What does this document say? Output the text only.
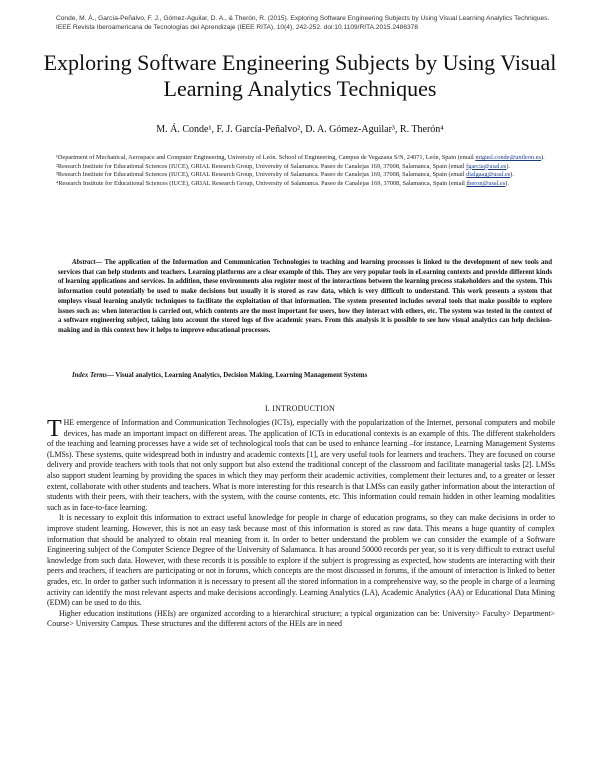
Conde, M. Á., García-Peñalvo, F. J., Gómez-Aguilar, D. A., & Therón, R. (2015). Exploring Software Engineering Subjects by Using Visual Learning Analytics Techniques. IEEE Revista Iberoamericana de Tecnologías del Aprendizaje (IEEE RITA), 10(4), 242-252. doi:10.1109/RITA.2015.2486378
Exploring Software Engineering Subjects by Using Visual Learning Analytics Techniques
M. Á. Conde¹, F. J. García-Peñalvo², D. A. Gómez-Aguilar³, R. Therón⁴
¹Department of Mechanical, Aerospace and Computer Engineering, University of León. School of Engineering, Campus de Vegazana S/N, 24071, León, Spain (email miguel.conde@unileon.es).
²Research Institute for Educational Sciences (IUCE), GRIAL Research Group, University of Salamanca. Paseo de Canalejas 169, 37008, Salamanca, Spain (email fgarcia@usal.es).
³Research Institute for Educational Sciences (IUCE), GRIAL Research Group, University of Salamanca. Paseo de Canalejas 169, 37008, Salamanca, Spain (email dialgaag@usal.es).
⁴Research Institute for Educational Sciences (IUCE), GRIAL Research Group, University of Salamanca. Paseo de Canalejas 169, 37008, Salamanca, Spain (email theron@usal.es).
Abstract— The application of the Information and Communication Technologies to teaching and learning processes is linked to the development of new tools and services that can help students and teachers. Learning platforms are a clear example of this. They are very popular tools in eLearning contexts and provide different kinds of learning applications and services. In addition, these environments also register most of the interactions between the learning process stakeholders and the system. This information could potentially be used to make decisions but usually it is stored as raw data, which is very difficult to understand. This work presents a system that employs visual learning analytic techniques to facilitate the exploitation of that information. The system presented includes several tools that make possible to explore issues such as: when interaction is carried out, which contents are the most important for users, how they interact with others, etc. The system was tested in the context of a software engineering subject, taking into account the stored logs of five academic years. From this analysis it is possible to see how visual analytics can help decision-making and in this context how it helps to improve educational processes.
Index Terms— Visual analytics, Learning Analytics, Decision Making, Learning Management Systems
I. INTRODUCTION

THE emergence of Information and Communication Technologies (ICTs), especially with the popularization of the Internet, personal computers and mobile devices, has made an important impact on different areas. The application of ICTs in educational contexts is an example of this. The different stakeholders of the teaching and learning processes have a wide set of technological tools that can be used to enhance learning –for instance, Learning Management Systems (LMSs). These systems, quite widespread both in industry and academic contexts [1], are very useful tools for learners and teachers. They are focused on course delivery and provide teachers with tools that not only support but also extend the traditional concept of the classroom and facilitate managerial tasks [2]. LMSs also support student learning by providing the spaces in which they may perform their academic activities, complement their lectures and, to a greater or lesser extent, collaborate with other students and teachers. What is more interesting for this research is that LMSs can easily gather information about the interaction of students with their peers, with their teachers, with the system, with the course contents, etc. This information could remain hidden in other learning modalities such as in face-to-face learning.

It is necessary to exploit this information to extract useful knowledge for people in charge of education programs, so they can make decisions in order to improve student learning. However, this is not an easy task because most of this information is stored as raw data. This means a huge quantity of complex information that should be analyzed to obtain real meaning from it. In order to better understand the problem we can consider the example of a Software Engineering subject of the Computer Science Degree of the University of Salamanca. It has around 50000 records per year, so it is very difficult to extract useful knowledge from such data. However, with these records it is possible to explore if the subject is progressing as expected, how students are interacting with their peers and teachers, if teachers are participating or not in forums, which concepts are the most discussed in forums, if the amount of interaction is linked to better grades, etc. In order to gather such information it is necessary to present all the stored information in a comprehensive way, so the people in charge of a learning activity can identify the most relevant aspects and make decisions accordingly. Learning Analytics (LA), Academic Analytics (AA) or Educational Data Mining (EDM) can be used to do this.

Higher education institutions (HEIs) are organized according to a hierarchical structure; a typical organization can be: University> Faculty> Department> Course> University Campus. These structures and the different actors of the HEIs are in need
